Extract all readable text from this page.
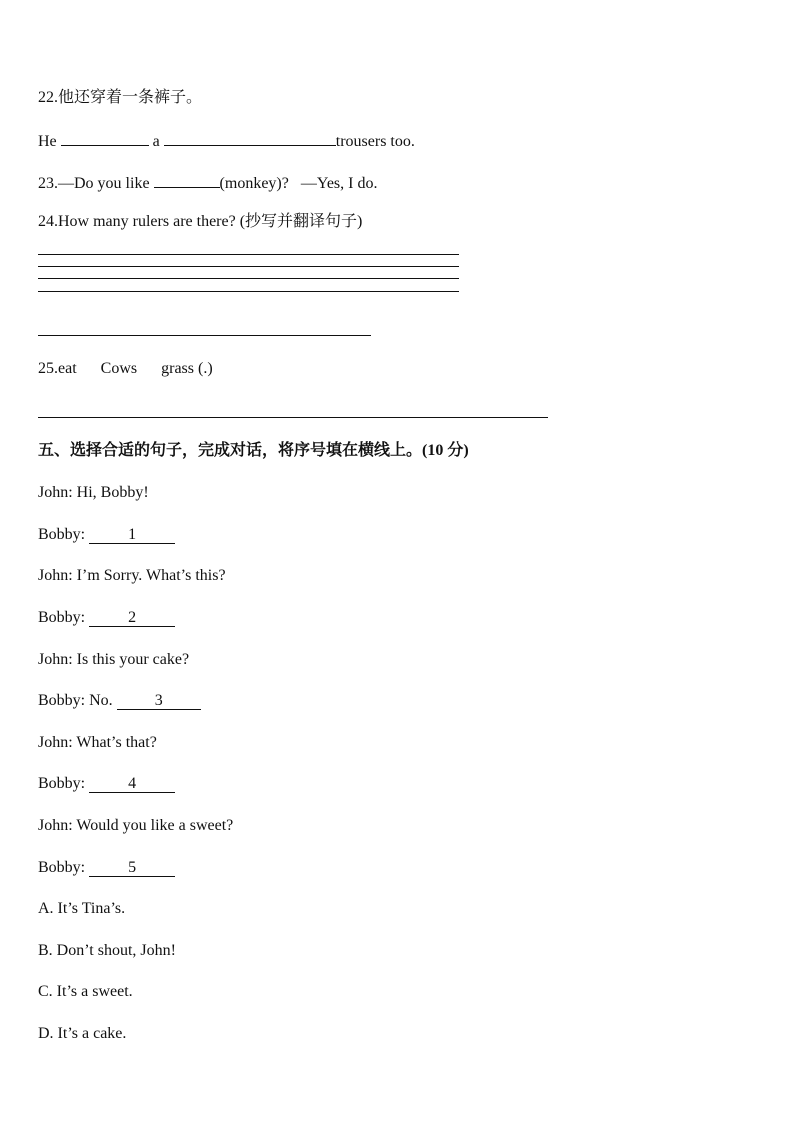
22.他还穿着一条裤子。
He	a	trousers too.
23.—Do you like	(monkey)? —Yes, I do.
24.How many rulers are there? (抄写并翻译句子)
25.eat Cows grass (.)
五、选择合适的句子，完成对话，将序号填在横线上。(10 分)
John: Hi, Bobby!
Bobby:	1
John: I’m Sorry. What’s this?
Bobby:	2
John: Is this your cake?
Bobby: No.	3
John: What’s that?
Bobby:	4
John: Would you like a sweet?
Bobby:	5
A. It’s Tina’s.
B. Don’t shout, John!
C. It’s a sweet.
D. It’s a cake.
